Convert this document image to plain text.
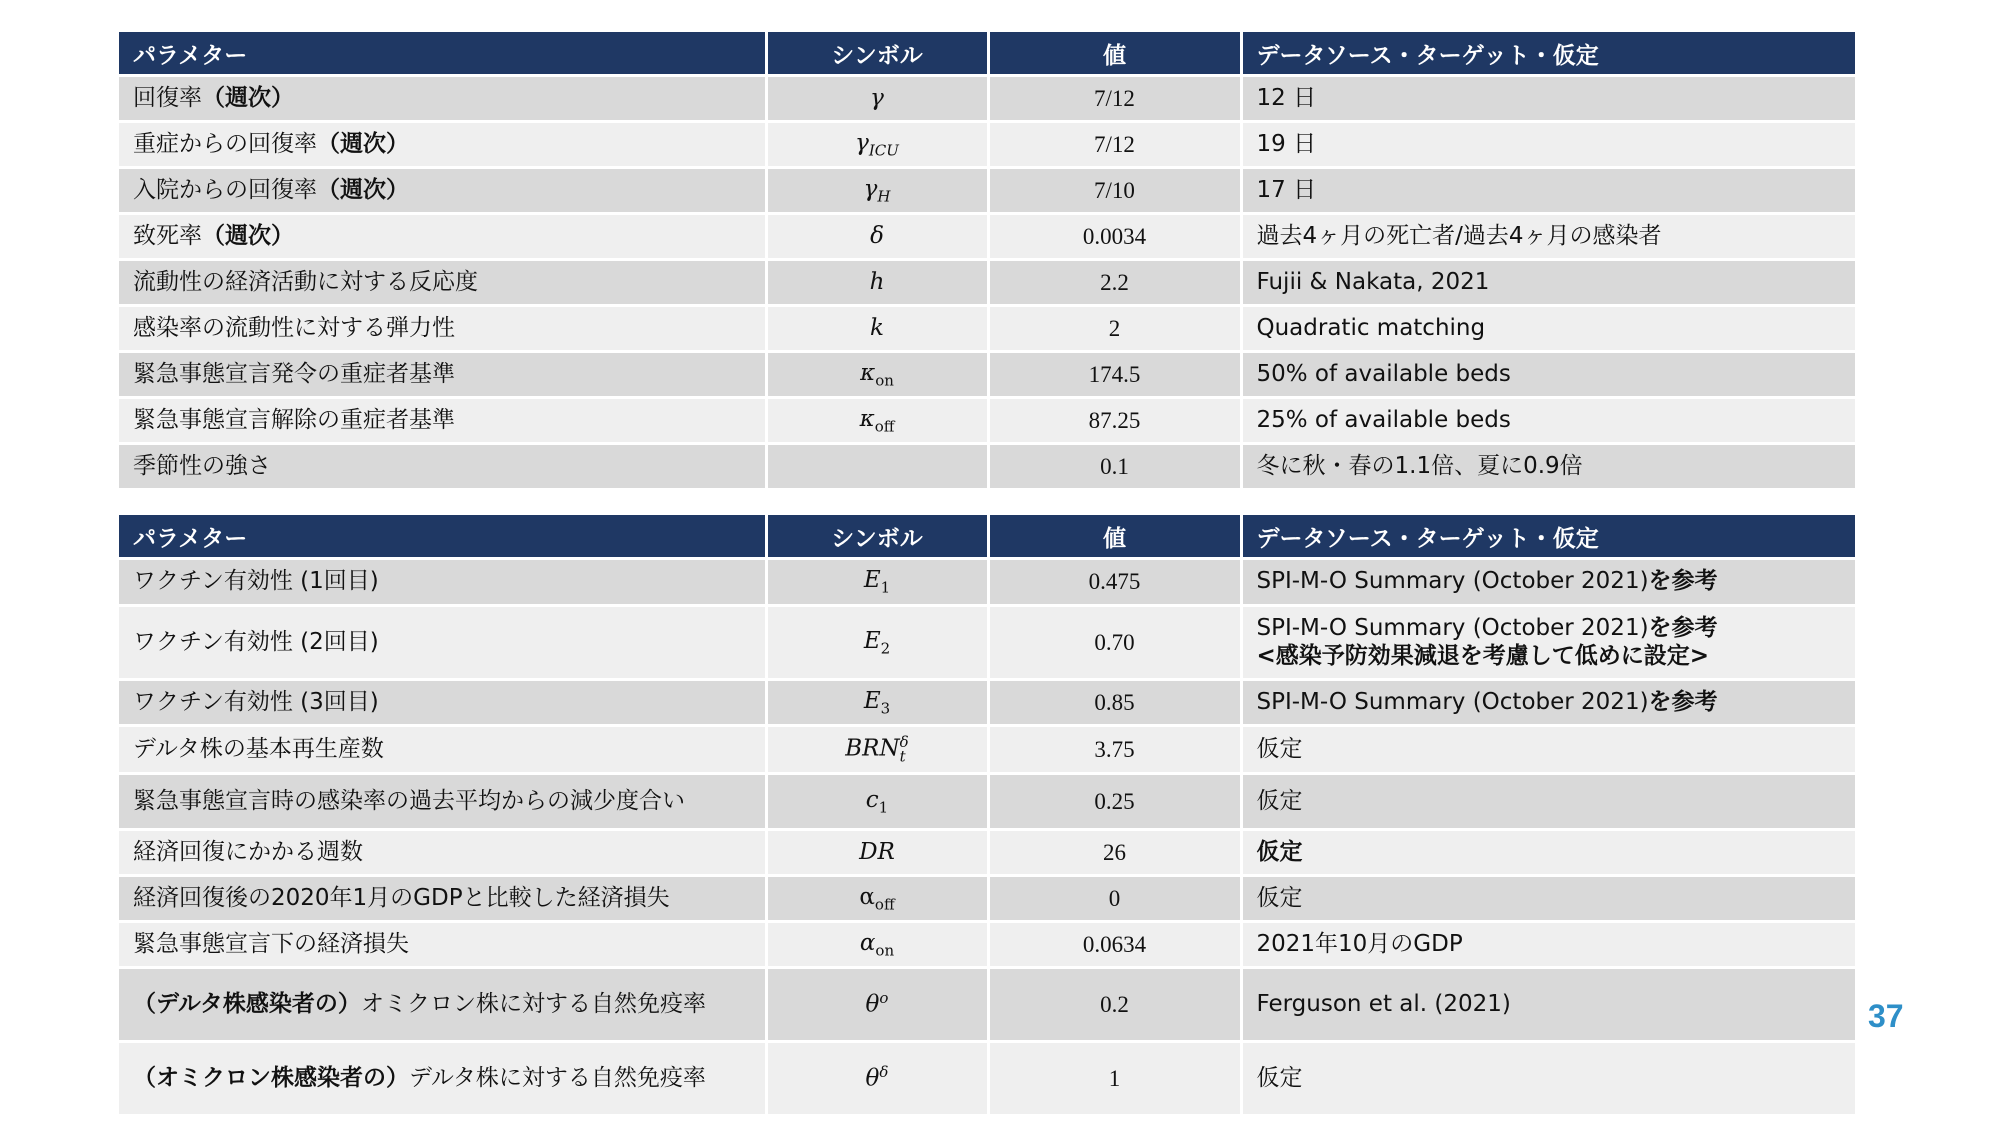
パラメター	シンボル	値	データソース・ターゲット・仮定
回復率（週次）	γ	7/12	12 日
重症からの回復率（週次）	$\gamma_{ICU}$	7/12	19 日
入院からの回復率（週次）	$\gamma_H$	7/10	17 日
致死率（週次）	δ	0.0034	過去4ヶ月の死亡者/過去4ヶ月の感染者
流動性の経済活動に対する反応度	h	2.2	Fujii & Nakata, 2021
感染率の流動性に対する弾力性	k	2	Quadratic matching
緊急事態宣言発令の重症者基準	$\kappa_{on}$	174.5	50% of available beds
緊急事態宣言解除の重症者基準	$\kappa_{off}$	87.25	25% of available beds
季節性の強さ		0.1	冬に秋・春の1.1倍、夏に0.9倍
パラメター	シンボル	値	データソース・ターゲット・仮定
ワクチン有効性 (1回目)	$E_1$	0.475	SPI-M-O Summary (October 2021)を参考
ワクチン有効性 (2回目)	$E_2$	0.70	SPI-M-O Summary (October 2021)を参考
<感染予防効果減退を考慮して低めに設定>
ワクチン有効性 (3回目)	$E_3$	0.85	SPI-M-O Summary (October 2021)を参考
デルタ株の基本再生産数	$BRN_t^\delta$	3.75	仮定
緊急事態宣言時の感染率の過去平均からの減少度合い	$c_1$	0.25	仮定
経済回復にかかる週数	DR	26	仮定
経済回復後の2020年1月のGDPと比較した経済損失	$\alpha_{off}$	0	仮定
緊急事態宣言下の経済損失	$\alpha_{on}$	0.0634	2021年10月のGDP
（デルタ株感染者の）オミクロン株に対する自然免疫率	$\theta^o$	0.2	Ferguson et al. (2021)
（オミクロン株感染者の）デルタ株に対する自然免疫率	$\theta^\delta$	1	仮定
37
